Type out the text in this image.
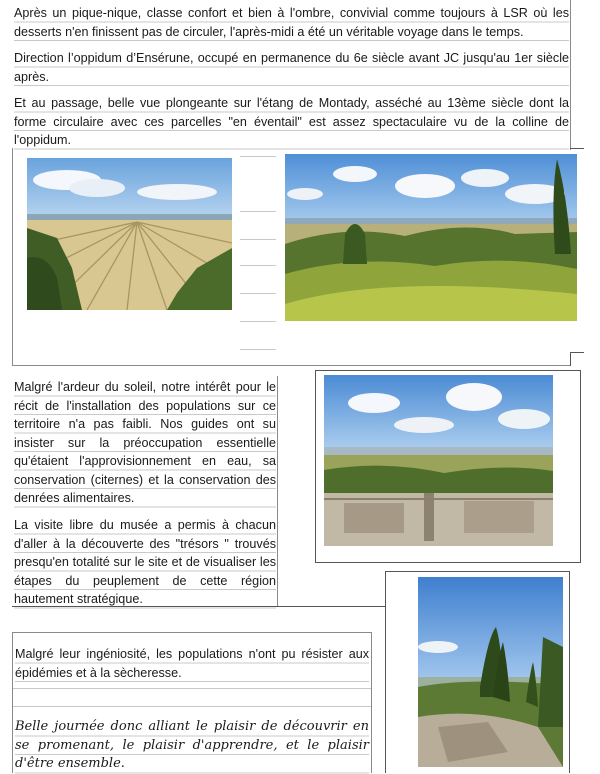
Après un pique-nique, classe confort et bien à l'ombre, convivial comme toujours à LSR où les desserts n'en finissent pas de circuler, l'après-midi a été un véritable voyage dans le temps.

Direction l’oppidum d’Ensérune, occupé en permanence du 6e siècle avant JC jusqu'au 1er siècle après.

Et au passage, belle vue plongeante sur l'étang de Montady, asséché au 13ème siècle dont la forme circulaire avec ces parcelles "en éventail" est assez spectaculaire vu de la colline de l'oppidum.

Malgré l'ardeur du soleil, notre intérêt pour le récit de l'installation des populations sur ce territoire n'a pas faibli. Nos guides ont su insister sur la préoccupation essentielle qu'étaient l'approvisionnement en eau, sa conservation (citernes) et la conservation des denrées alimentaires.

La visite libre du musée a permis à chacun d'aller à la découverte des "trésors " trouvés presqu'en totalité sur le site et de visualiser les étapes du peuplement de cette région hautement stratégique.

Malgré leur ingéniosité, les populations n'ont pu résister aux épidémies et à la sècheresse.

Belle journée donc alliant le plaisir de découvrir en se promenant, le plaisir d'apprendre, et le plaisir d'être ensemble.
